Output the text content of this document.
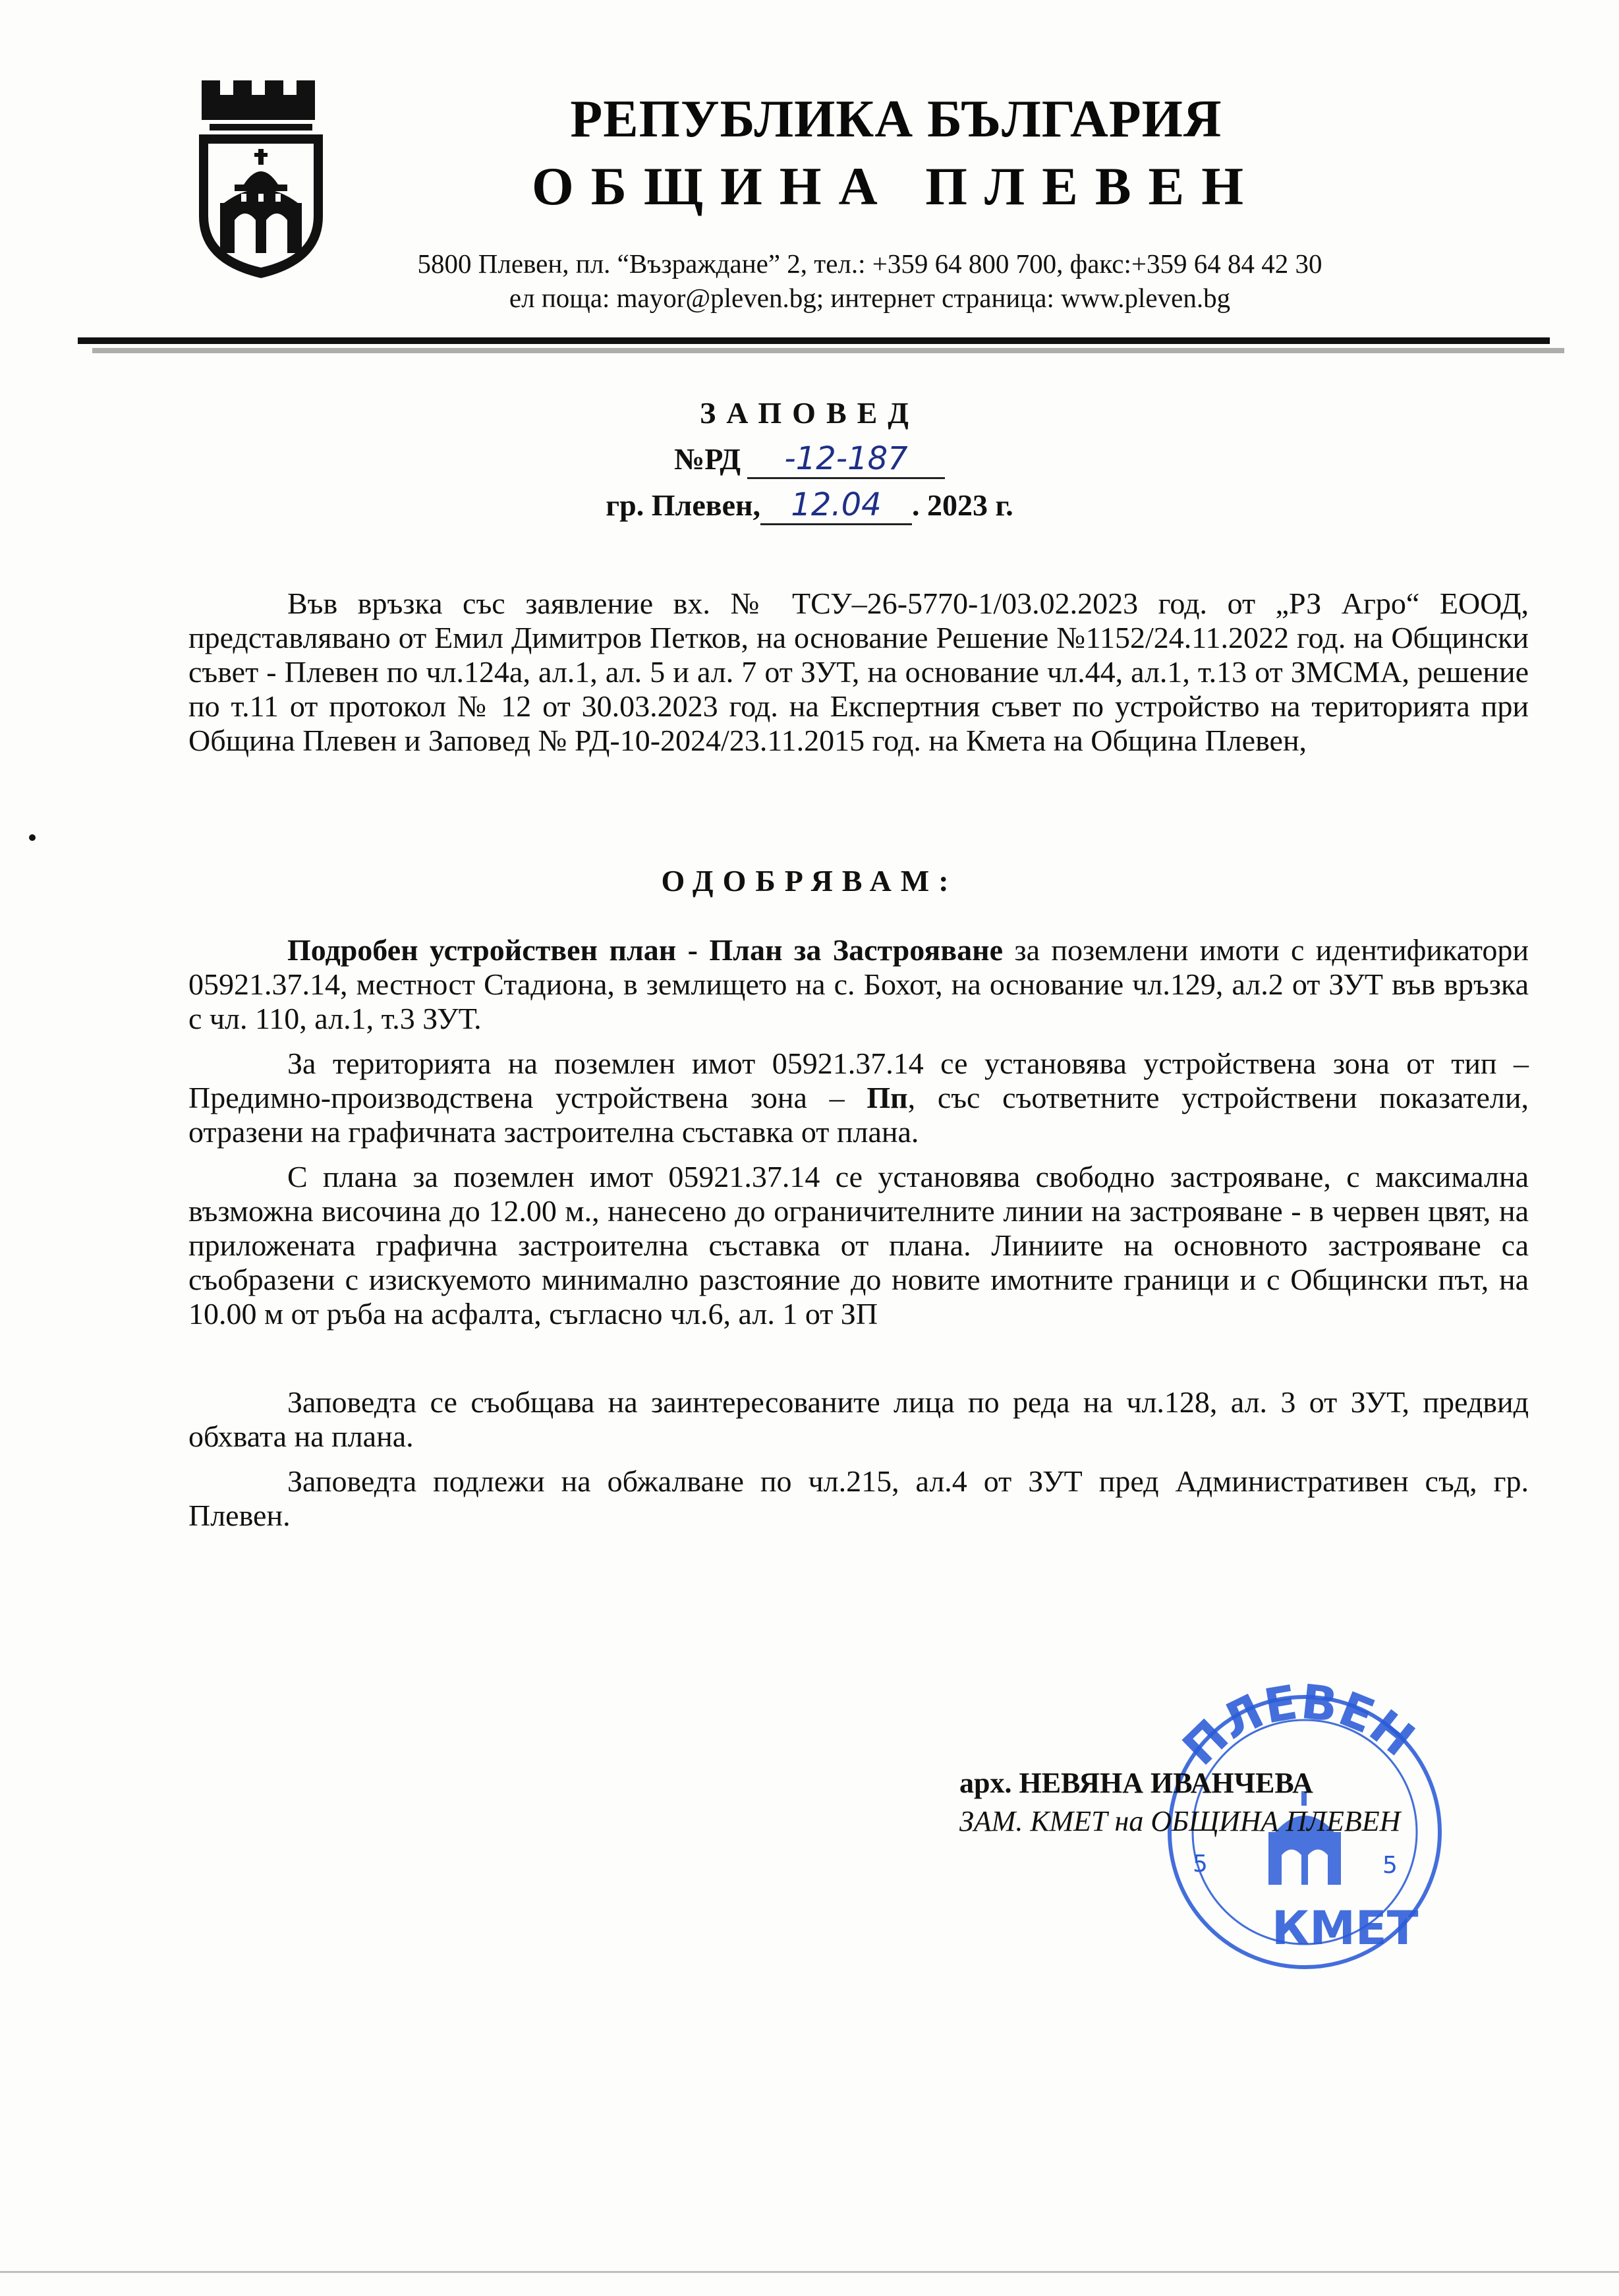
РЕПУБЛИКА БЪЛГАРИЯ
ОБЩИНА ПЛЕВЕН
5800 Плевен, пл. “Възраждане” 2, тел.: +359 64 800 700, факс:+359 64 84 42 30
ел поща: mayor@pleven.bg; интернет страница: www.pleven.bg
ЗАПОВЕД
№РД -12-187
гр. Плевен, 12.04 . 2023 г.
Във връзка със заявление вх. № ТСУ–26-5770-1/03.02.2023 год. от „РЗ Агро“ ЕООД, представлявано от Емил Димитров Петков, на основание Решение №1152/24.11.2022 год. на Общински съвет - Плевен по чл.124а, ал.1, ал. 5 и ал. 7 от ЗУТ, на основание чл.44, ал.1, т.13 от ЗМСМА, решение по т.11 от протокол № 12 от 30.03.2023 год. на Експертния съвет по устройство на територията при Община Плевен и Заповед № РД-10-2024/23.11.2015 год. на Кмета на Община Плевен,
ОДОБРЯВАМ:
Подробен устройствен план - План за Застрояване за поземлени имоти с идентификатори 05921.37.14, местност Стадиона, в землището на с. Бохот, на основание чл.129, ал.2 от ЗУТ във връзка с чл. 110, ал.1, т.3 ЗУТ.
За територията на поземлен имот 05921.37.14 се установява устройствена зона от тип – Предимно-производствена устройствена зона – Пп, със съответните устройствени показатели, отразени на графичната застроителна съставка от плана.
С плана за поземлен имот 05921.37.14 се установява свободно застрояване, с максимална възможна височина до 12.00 м., нанесено до ограничителните линии на застрояване - в червен цвят, на приложената графична застроителна съставка от плана. Линиите на основното застрояване са съобразени с изискуемото минимално разстояние до новите имотните граници и с Общински път, на 10.00 м от ръба на асфалта, съгласно чл.6, ал. 1 от ЗП
Заповедта се съобщава на заинтересованите лица по реда на чл.128, ал. 3 от ЗУТ, предвид обхвата на плана.
Заповедта подлежи на обжалване по чл.215, ал.4 от ЗУТ пред Административен съд, гр. Плевен.
ПЛЕВЕН
КМЕТ
5	5
арх. НЕВЯНА ИВАНЧЕВА
ЗАМ. КМЕТ на ОБЩИНА ПЛЕВЕН
